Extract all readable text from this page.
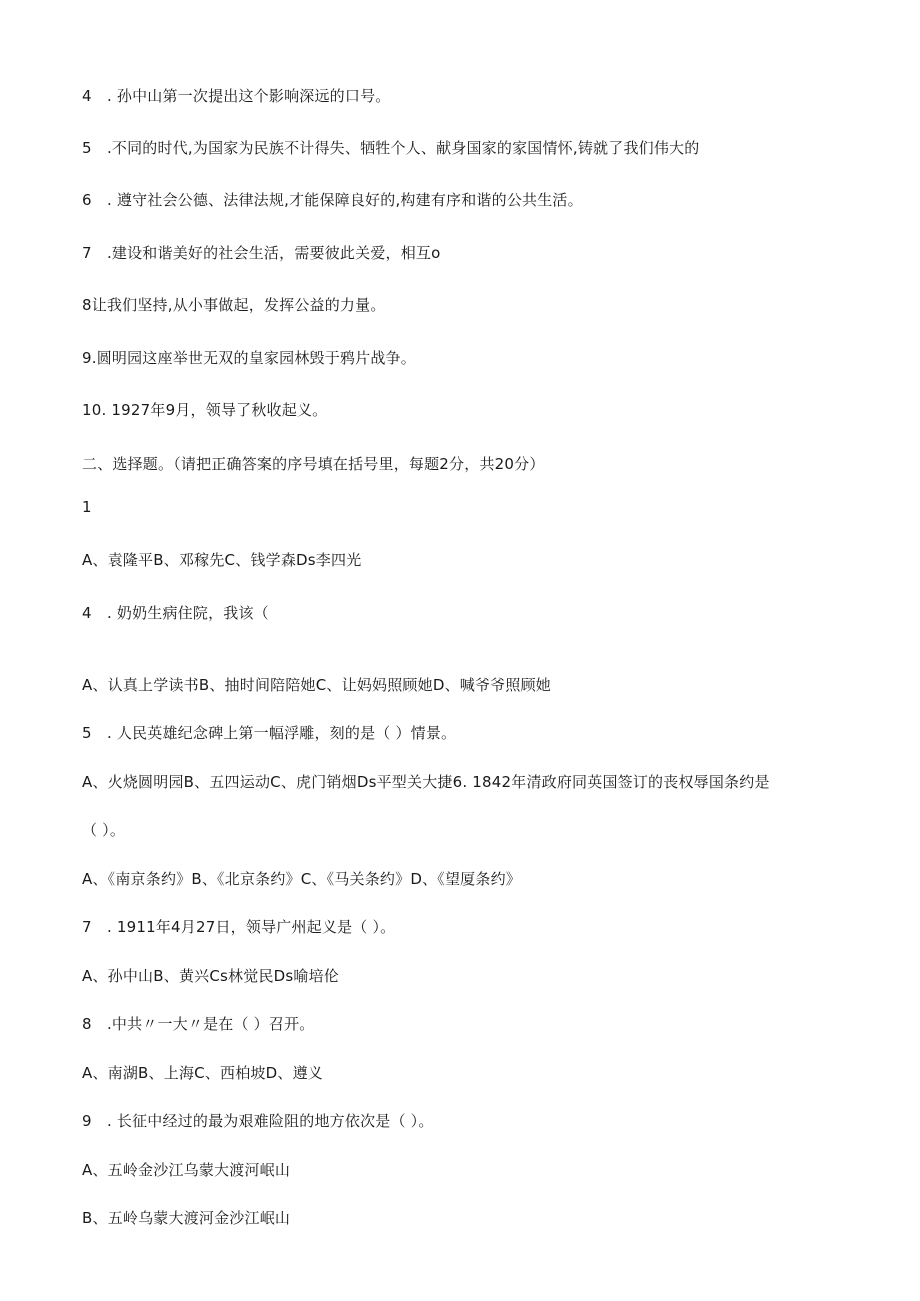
4　. 孙中山第一次提出这个影响深远的口号。
5　.不同的时代,为国家为民族不计得失、牺牲个人、献身国家的家国情怀,铸就了我们伟大的
6　. 遵守社会公德、法律法规,才能保障良好的,构建有序和谐的公共生活。
7　.建设和谐美好的社会生活，需要彼此关爱，相互o
8让我们坚持,从小事做起，发挥公益的力量。
9.圆明园这座举世无双的皇家园林毁于鸦片战争。
10. 1927年9月，领导了秋收起义。
二、选择题。（请把正确答案的序号填在括号里，每题2分，共20分）
1
A、袁隆平B、邓稼先C、钱学森Ds李四光
4　. 奶奶生病住院，我该（
A、认真上学读书B、抽时间陪陪她C、让妈妈照顾她D、喊爷爷照顾她
5　. 人民英雄纪念碑上第一幅浮雕，刻的是（ ）情景。
A、火烧圆明园B、五四运动C、虎门销烟Ds平型关大捷6. 1842年清政府同英国签订的丧权辱国条约是
（ ）。
A、《南京条约》B、《北京条约》C、《马关条约》D、《望厦条约》
7　. 1911年4月27日，领导广州起义是（ ）。
A、孙中山B、黄兴Cs林觉民Ds喻培伦
8　.中共〃一大〃是在（ ）召开。
A、南湖B、上海C、西柏坡D、遵义
9　. 长征中经过的最为艰难险阻的地方依次是（ ）。
A、五岭金沙江乌蒙大渡河岷山
B、五岭乌蒙大渡河金沙江岷山
